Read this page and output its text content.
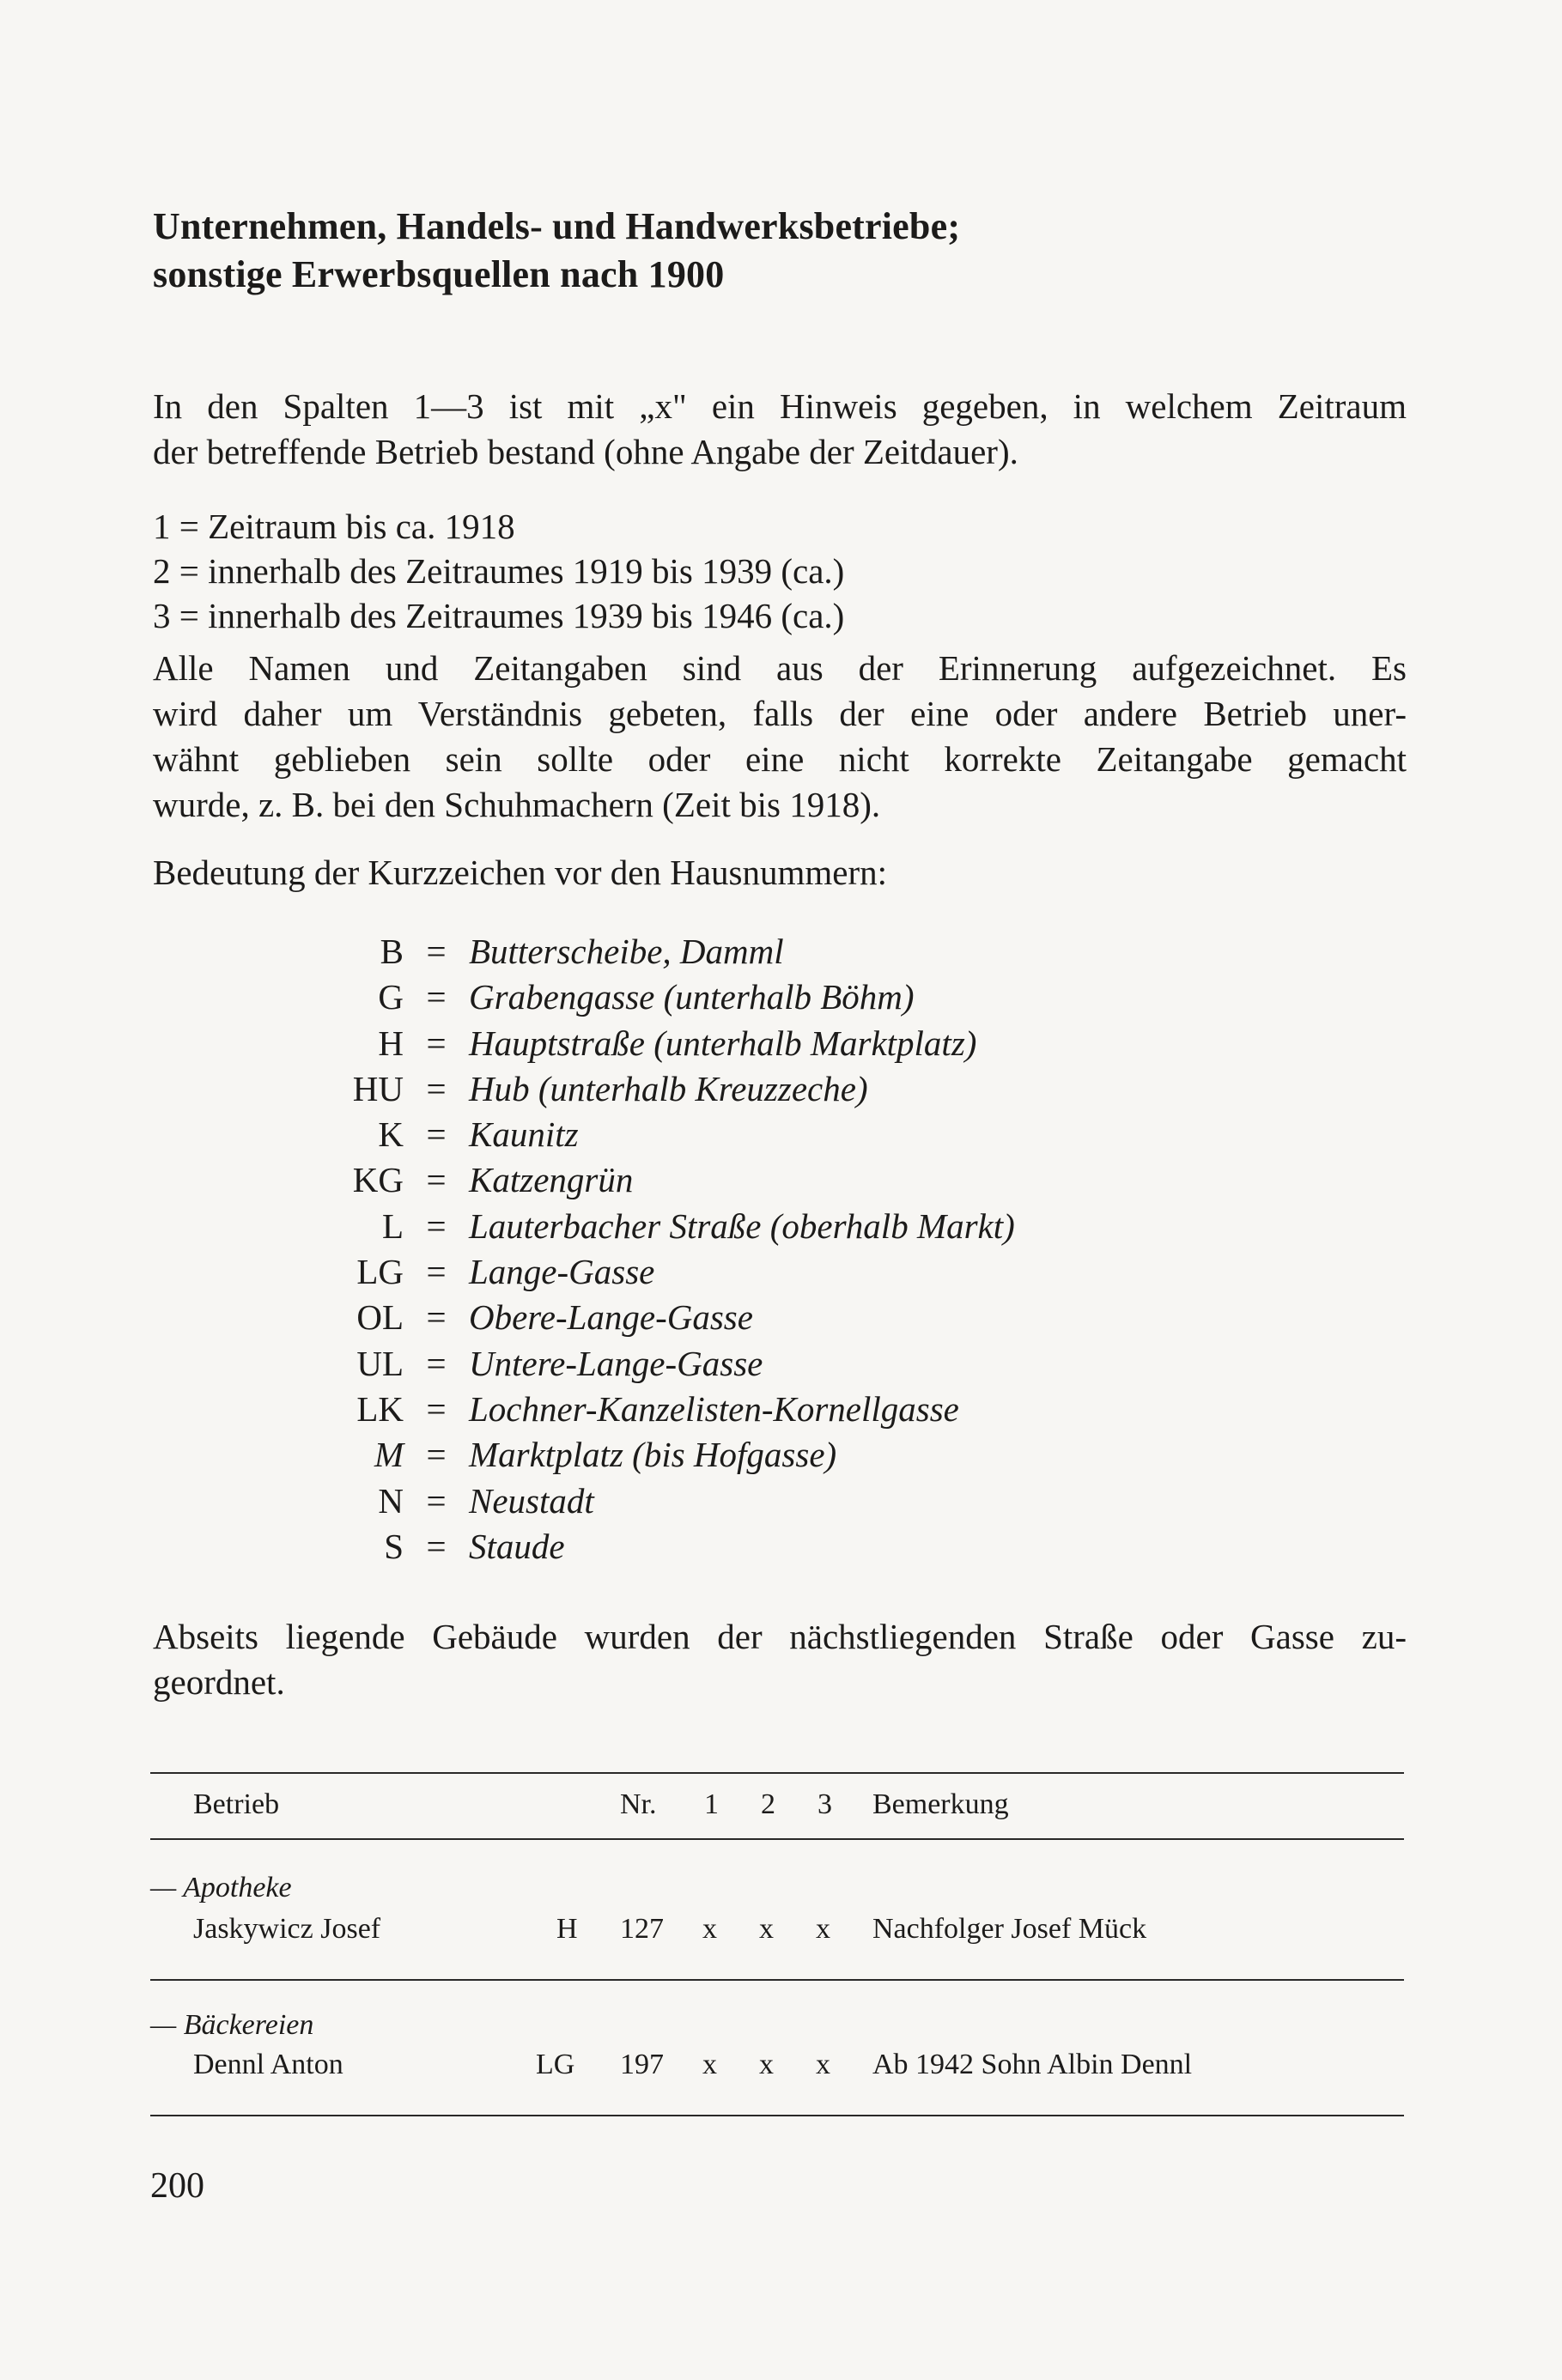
Unternehmen, Handels- und Handwerksbetriebe;
sonstige Erwerbsquellen nach 1900
In den Spalten 1—3 ist mit „x" ein Hinweis gegeben, in welchem Zeitraum
der betreffende Betrieb bestand (ohne Angabe der Zeitdauer).
1 = Zeitraum bis ca. 1918
2 = innerhalb des Zeitraumes 1919 bis 1939 (ca.)
3 = innerhalb des Zeitraumes 1939 bis 1946 (ca.)
Alle Namen und Zeitangaben sind aus der Erinnerung aufgezeichnet. Es
wird daher um Verständnis gebeten, falls der eine oder andere Betrieb uner-
wähnt geblieben sein sollte oder eine nicht korrekte Zeitangabe gemacht
wurde, z. B. bei den Schuhmachern (Zeit bis 1918).
Bedeutung der Kurzzeichen vor den Hausnummern:
B = Butterscheibe, Damml
G = Grabengasse (unterhalb Böhm)
H = Hauptstraße (unterhalb Marktplatz)
HU = Hub (unterhalb Kreuzzeche)
K = Kaunitz
KG = Katzengrün
L = Lauterbacher Straße (oberhalb Markt)
LG = Lange-Gasse
OL = Obere-Lange-Gasse
UL = Untere-Lange-Gasse
LK = Lochner-Kanzelisten-Kornellgasse
M = Marktplatz (bis Hofgasse)
N = Neustadt
S = Staude
Abseits liegende Gebäude wurden der nächstliegenden Straße oder Gasse zu-
geordnet.
Betrieb	Nr. 1 2 3 Bemerkung
— Apotheke
Jaskywicz Josef	H 127 x x x Nachfolger Josef Mück
— Bäckereien
Dennl Anton	LG 197 x x x Ab 1942 Sohn Albin Dennl
200
